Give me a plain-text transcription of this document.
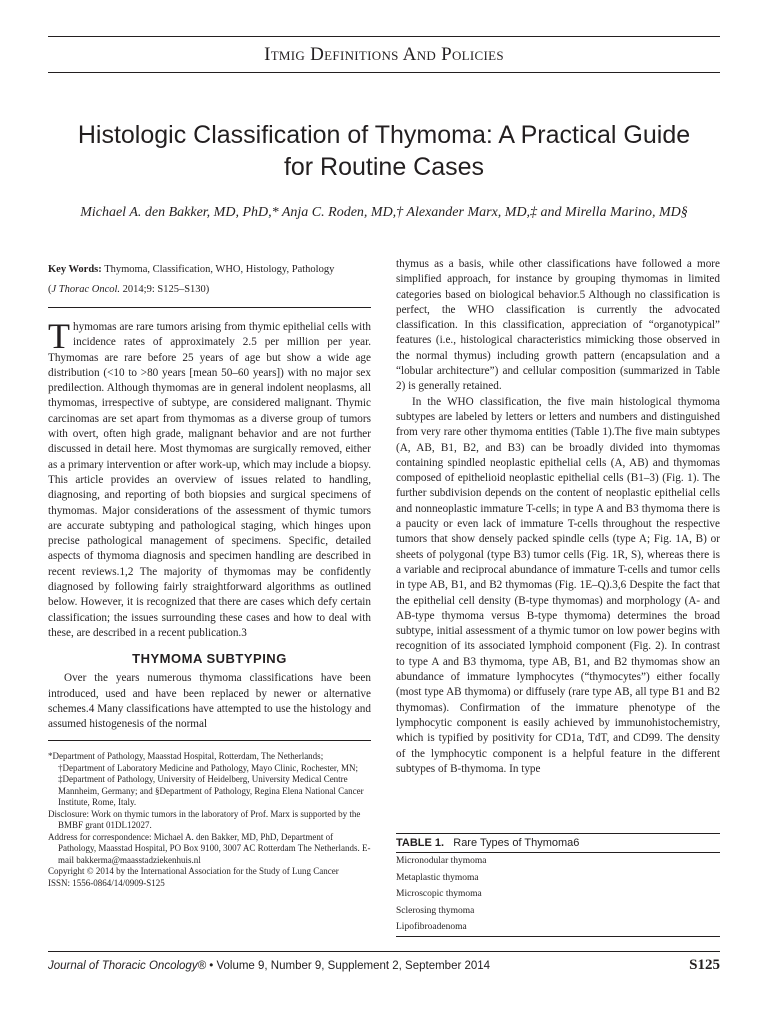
Itmig Definitions And Policies
Histologic Classification of Thymoma: A Practical Guide
for Routine Cases
Michael A. den Bakker, MD, PhD,* Anja C. Roden, MD,† Alexander Marx, MD,‡ and Mirella Marino, MD§

Key Words: Thymoma, Classification, WHO, Histology, Pathology

(J Thorac Oncol. 2014;9: S125–S130)

Thymomas are rare tumors arising from thymic epithelial cells with incidence rates of approximately 2.5 per million per year. Thymomas are rare before 25 years of age but show a wide age distribution (<10 to >80 years [mean 50–60 years]) with no major sex predilection. Although thymomas are in general indolent neoplasms, all thymomas, irrespective of subtype, are considered malignant. Thymic carcinomas are set apart from thymomas as a diverse group of tumors with overt, often high grade, malignant behavior and are not further discussed in detail here. Most thymomas are surgically removed, either as a primary intervention or after work-up, which may include a biopsy. This article provides an overview of issues related to handling, diagnosing, and reporting of both biopsies and surgical specimens of thymomas. Major considerations of the assessment of thymic tumors are accurate subtyping and pathological staging, which hinges upon precise pathological management of specimens. Specific, detailed aspects of thymoma diagnosis and specimen handling are described in recent reviews.1,2 The majority of thymomas may be confidently diagnosed by following fairly straightforward algorithms as outlined below. However, it is recognized that there are cases which defy certain classification; the issues surrounding these cases and how to deal with these, are described in a recent publication.3

THYMOMA SUBTYPING

Over the years numerous thymoma classifications have been introduced, used and have been replaced by newer or alternative schemes.4 Many classifications have attempted to use the histology and assumed histogenesis of the normal

*Department of Pathology, Maasstad Hospital, Rotterdam, The Netherlands; †Department of Laboratory Medicine and Pathology, Mayo Clinic, Rochester, MN; ‡Department of Pathology, University of Heidelberg, University Medical Centre Mannheim, Germany; and §Department of Pathology, Regina Elena National Cancer Institute, Rome, Italy.

Disclosure: Work on thymic tumors in the laboratory of Prof. Marx is supported by the BMBF grant 01DL12027.

Address for correspondence: Michael A. den Bakker, MD, PhD, Department of Pathology, Maasstad Hospital, PO Box 9100, 3007 AC Rotterdam The Netherlands. E-mail bakkerma@maasstadziekenhuis.nl

Copyright © 2014 by the International Association for the Study of Lung Cancer

ISSN: 1556-0864/14/0909-S125

thymus as a basis, while other classifications have followed a more simplified approach, for instance by grouping thymomas in limited categories based on biological behavior.5 Although no classification is perfect, the WHO classification is currently the advocated classification. In this classification, appreciation of “organotypical” features (i.e., histological characteristics mimicking those observed in the normal thymus) including growth pattern (encapsulation and a “lobular architecture”) and cellular composition (summarized in Table 2) is generally retained.

In the WHO classification, the five main histological thymoma subtypes are labeled by letters or letters and numbers and distinguished from very rare other thymoma entities (Table 1).The five main subtypes (A, AB, B1, B2, and B3) can be broadly divided into thymomas containing spindled neoplastic epithelial cells (A, AB) and thymomas composed of epithelioid neoplastic epithelial cells (B1–3) (Fig. 1). The further subdivision depends on the content of neoplastic epithelial cells and nonneoplastic immature T-cells; in type A and B3 thymoma there is a paucity or even lack of immature T-cells throughout the respective tumors that show densely packed spindle cells (type A; Fig. 1A, B) or sheets of polygonal (type B3) tumor cells (Fig. 1R, S), whereas there is a variable and reciprocal abundance of immature T-cells and tumor cells in type AB, B1, and B2 thymomas (Fig. 1E–Q).3,6 Despite the fact that the epithelial cell density (B-type thymomas) and morphology (A- and AB-type thymoma versus B-type thymoma) determines the broad subtype, initial assessment of a thymic tumor on low power begins with recognition of its associated lymphoid component (Fig. 2). In contrast to type A and B3 thymoma, type AB, B1, and B2 thymomas show an abundance of immature lymphocytes (“thymocytes”) either focally (most type AB thymoma) or diffusely (rare type AB, all type B1 and B2 thymomas). Confirmation of the immature phenotype of the lymphocytic component is easily achieved by immunohistochemistry, which is typified by positivity for CD1a, TdT, and CD99. The density of the lymphocytic component is a helpful feature in the different subtypes of B-thymoma. In type

TABLE 1. Rare Types of Thymoma6

Micronodular thymoma

Metaplastic thymoma

Microscopic thymoma

Sclerosing thymoma

Lipofibroadenoma

Journal of Thoracic Oncology® • Volume 9, Number 9, Supplement 2, September 2014	S125
